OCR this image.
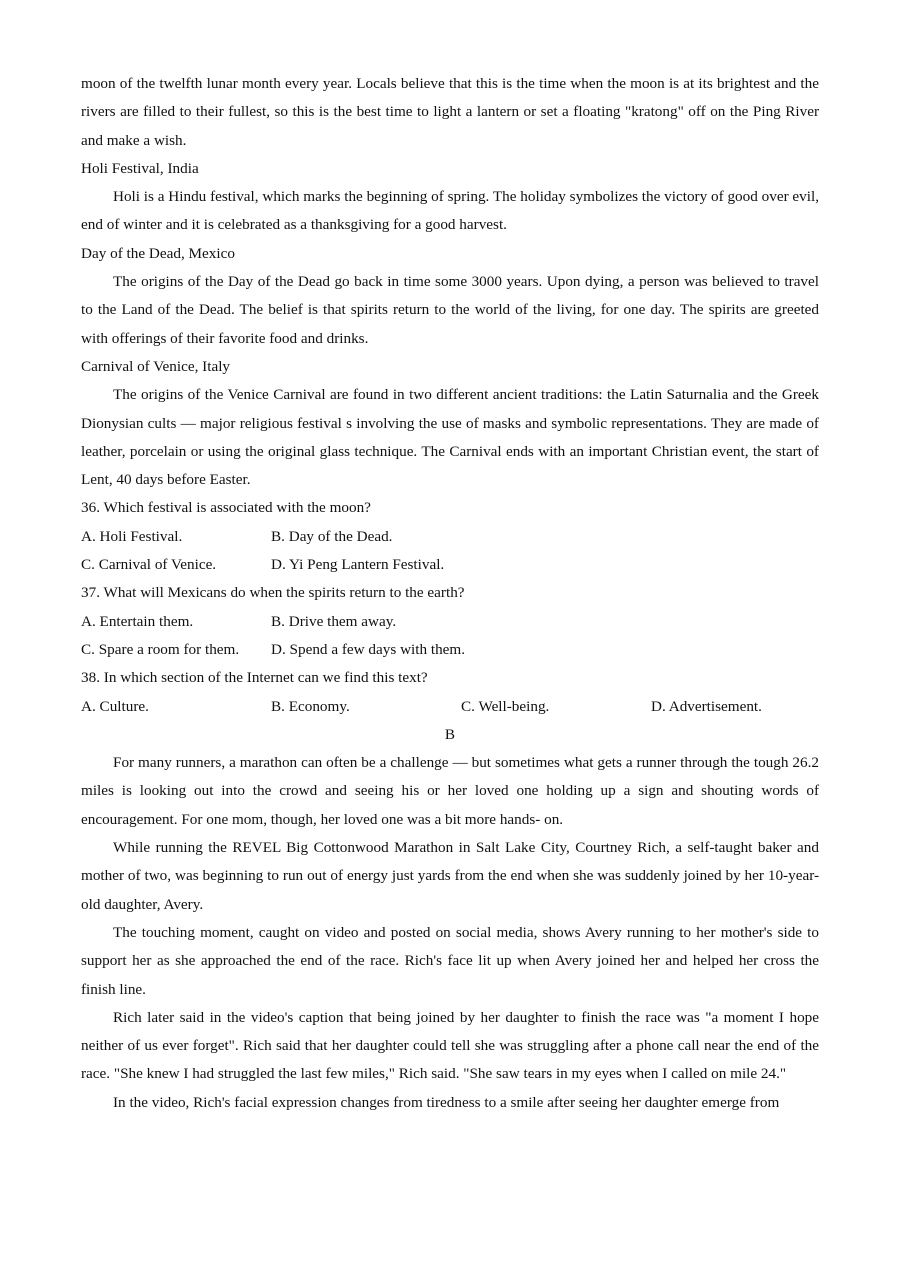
moon of the twelfth lunar month every year. Locals believe that this is the time when the moon is at its brightest and the rivers are filled to their fullest, so this is the best time to light a lantern or set a floating "kratong" off on the Ping River and make a wish.

Holi Festival, India

Holi is a Hindu festival, which marks the beginning of spring. The holiday symbolizes the victory of good over evil, end of winter and it is celebrated as a thanksgiving for a good harvest.

Day of the Dead, Mexico

The origins of the Day of the Dead go back in time some 3000 years. Upon dying, a person was believed to travel to the Land of the Dead. The belief is that spirits return to the world of the living, for one day. The spirits are greeted with offerings of their favorite food and drinks.

Carnival of Venice, Italy

The origins of the Venice Carnival are found in two different ancient traditions: the Latin Saturnalia and the Greek Dionysian cults — major religious festival s involving the use of masks and symbolic representations. They are made of leather, porcelain or using the original glass technique. The Carnival ends with an important Christian event, the start of Lent, 40 days before Easter.

36. Which festival is associated with the moon?

A. Holi Festival.	B. Day of the Dead.
C. Carnival of Venice.	D. Yi Peng Lantern Festival.

37. What will Mexicans do when the spirits return to the earth?

A. Entertain them.	B. Drive them away.
C. Spare a room for them.	D. Spend a few days with them.

38. In which section of the Internet can we find this text?

A. Culture.	B. Economy.	C. Well-being.	D. Advertisement.

B

For many runners, a marathon can often be a challenge — but sometimes what gets a runner through the tough 26.2 miles is looking out into the crowd and seeing his or her loved one holding up a sign and shouting words of encouragement. For one mom, though, her loved one was a bit more hands- on.

While running the REVEL Big Cottonwood Marathon in Salt Lake City, Courtney Rich, a self-taught baker and mother of two, was beginning to run out of energy just yards from the end when she was suddenly joined by her 10-year- old daughter, Avery.

The touching moment, caught on video and posted on social media, shows Avery running to her mother's side to support her as she approached the end of the race. Rich's face lit up when Avery joined her and helped her cross the finish line.

Rich later said in the video's caption that being joined by her daughter to finish the race was "a moment I hope neither of us ever forget". Rich said that her daughter could tell she was struggling after a phone call near the end of the race. "She knew I had struggled the last few miles," Rich said. "She saw tears in my eyes when I called on mile 24."

In the video, Rich's facial expression changes from tiredness to a smile after seeing her daughter emerge from
